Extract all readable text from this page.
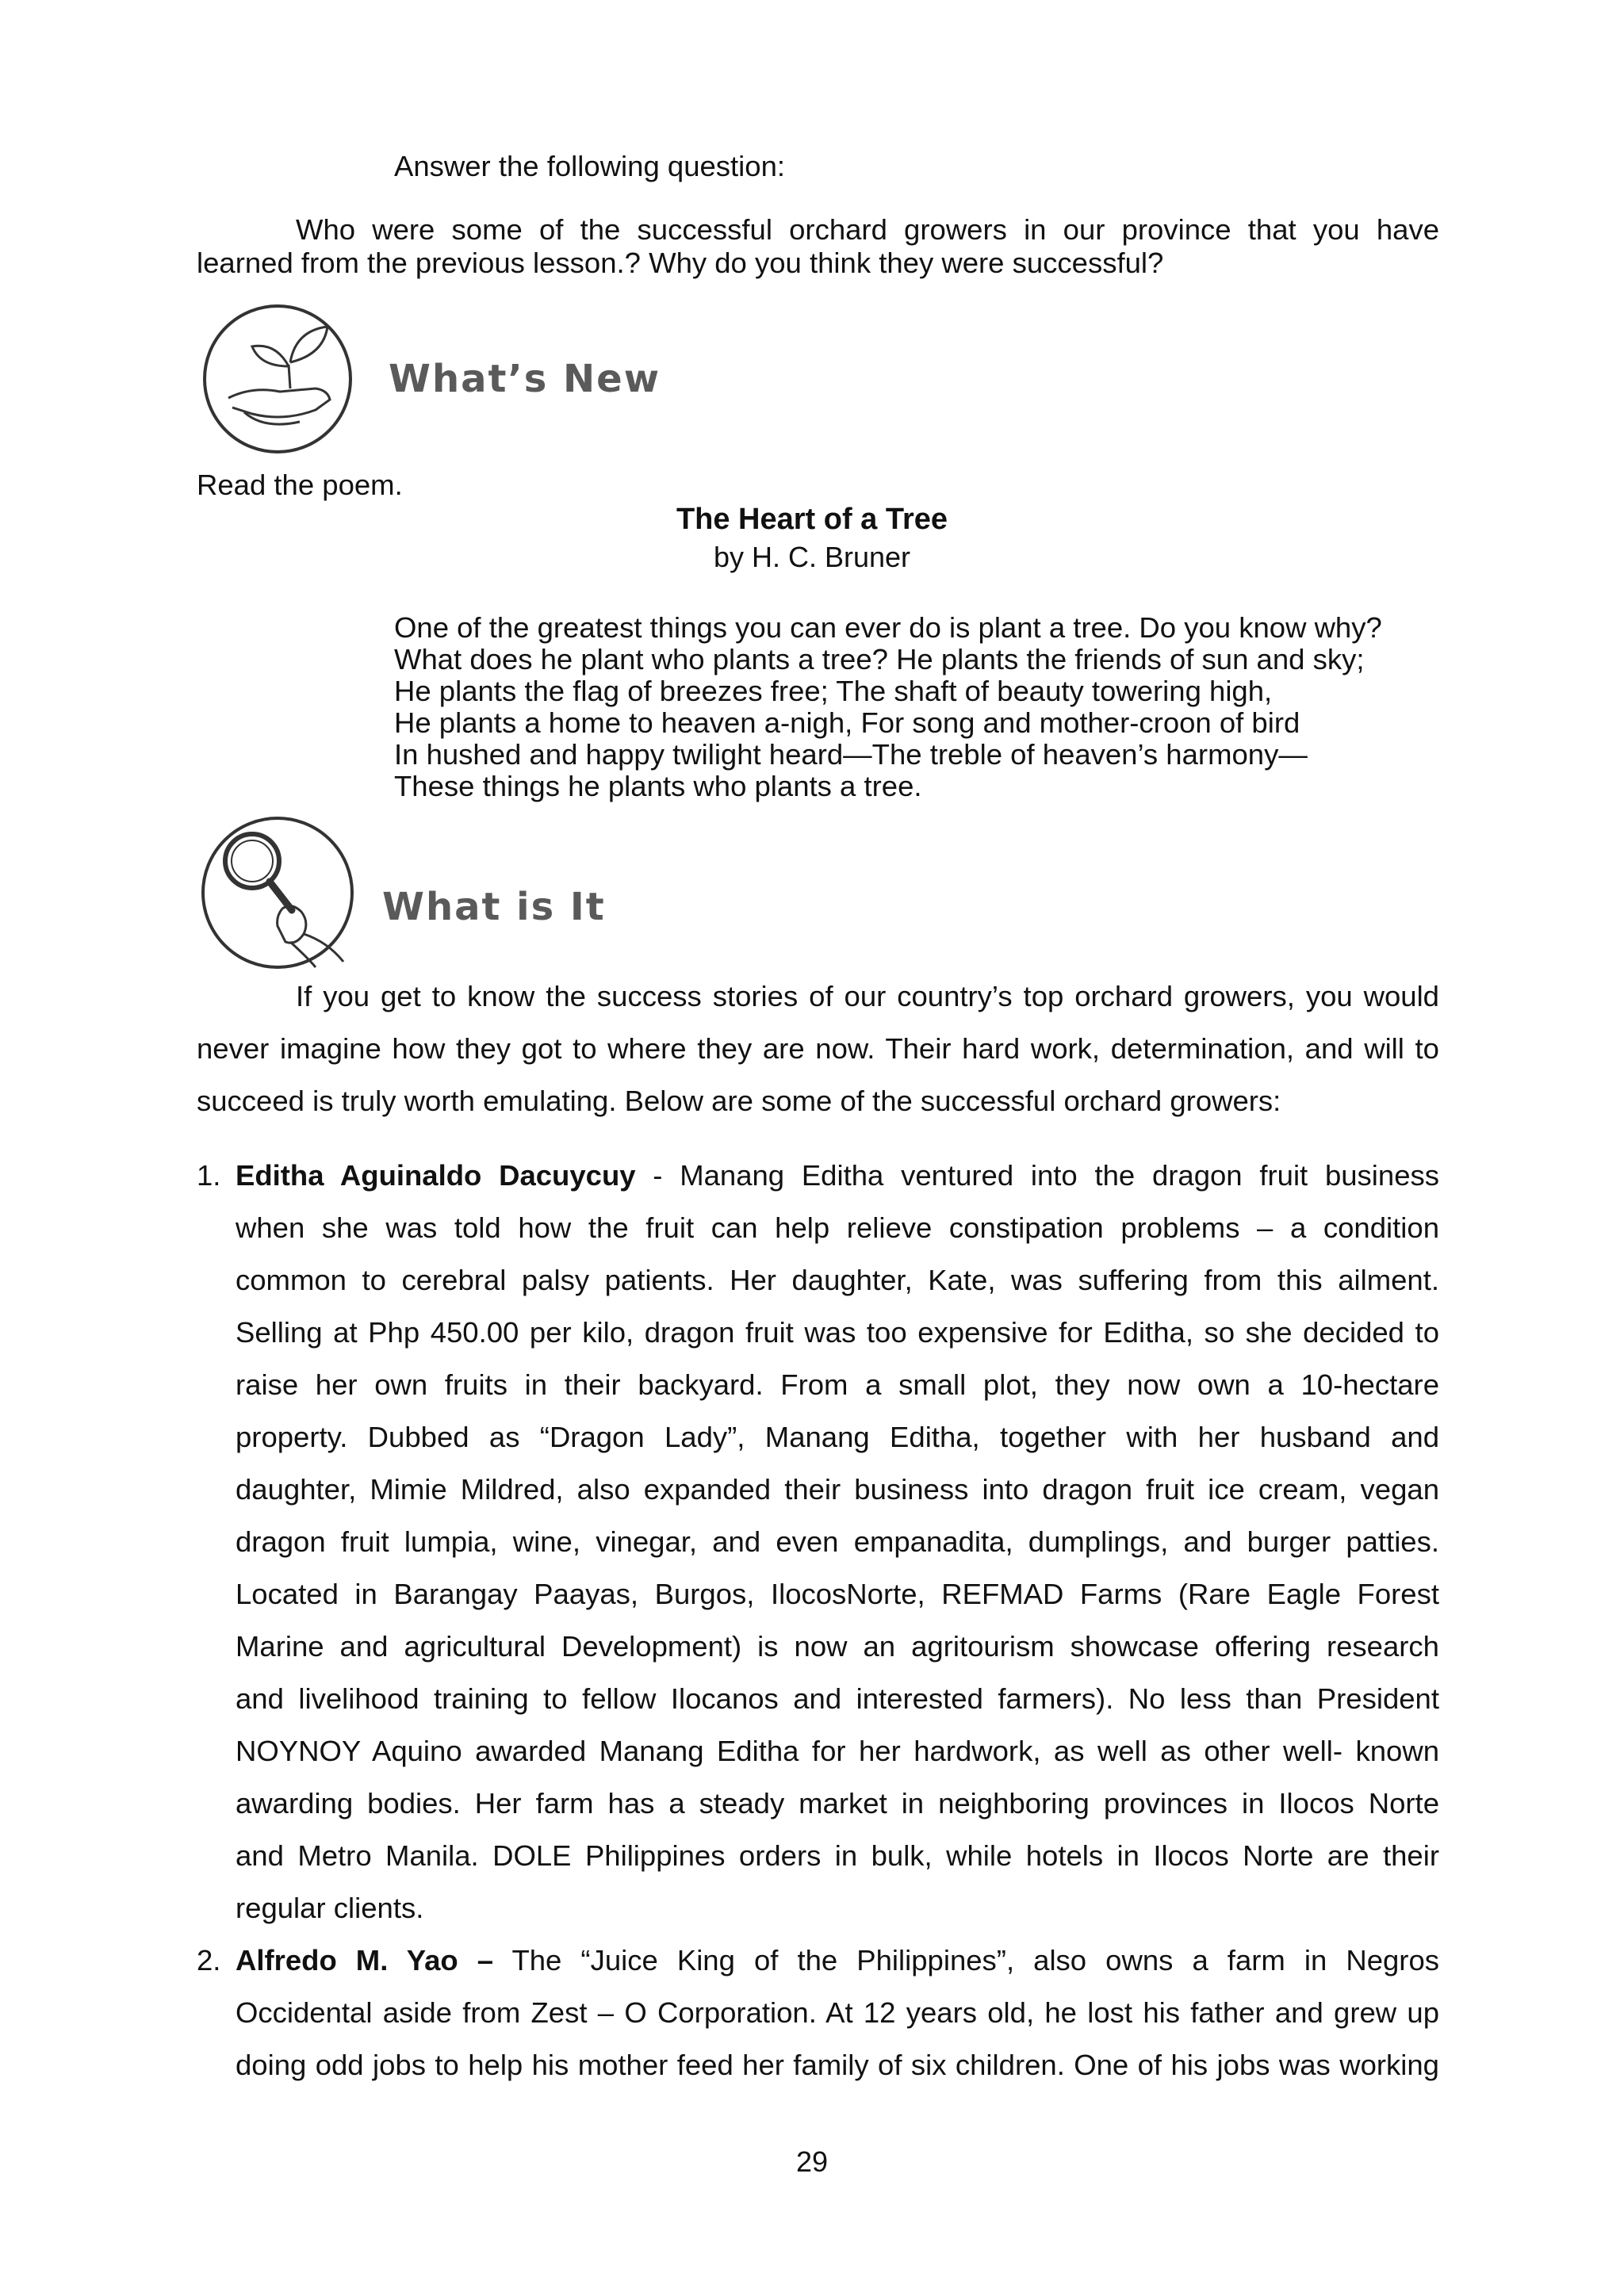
Answer the following question:
Who were some of the successful orchard growers in our province that you have
learned from the previous lesson.? Why do you think they were successful?
What’s New
Read the poem.
The Heart of a Tree
by H. C. Bruner
One of the greatest things you can ever do is plant a tree. Do you know why?
What does he plant who plants a tree? He plants the friends of sun and sky;
He plants the flag of breezes free; The shaft of beauty towering high,
He plants a home to heaven a-nigh, For song and mother-croon of bird
In hushed and happy twilight heard—The treble of heaven’s harmony—
These things he plants who plants a tree.
What is It
If you get to know the success stories of our country’s top orchard growers, you would
never imagine how they got to where they are now. Their hard work, determination, and will to
succeed is truly worth emulating. Below are some of the successful orchard growers:
1. Editha Aguinaldo Dacuycuy - Manang Editha ventured into the dragon fruit business
when she was told how the fruit can help relieve constipation problems – a condition
common to cerebral palsy patients. Her daughter, Kate, was suffering from this ailment.
Selling at Php 450.00 per kilo, dragon fruit was too expensive for Editha, so she decided to
raise her own fruits in their backyard. From a small plot, they now own a 10-hectare
property. Dubbed as “Dragon Lady”, Manang Editha, together with her husband and
daughter, Mimie Mildred, also expanded their business into dragon fruit ice cream, vegan
dragon fruit lumpia, wine, vinegar, and even empanadita, dumplings, and burger patties.
Located in Barangay Paayas, Burgos, IlocosNorte, REFMAD Farms (Rare Eagle Forest
Marine and agricultural Development) is now an agritourism showcase offering research
and livelihood training to fellow Ilocanos and interested farmers). No less than President
NOYNOY Aquino awarded Manang Editha for her hardwork, as well as other well- known
awarding bodies. Her farm has a steady market in neighboring provinces in Ilocos Norte
and Metro Manila. DOLE Philippines orders in bulk, while hotels in Ilocos Norte are their
regular clients.
2. Alfredo M. Yao – The “Juice King of the Philippines”, also owns a farm in Negros
Occidental aside from Zest – O Corporation. At 12 years old, he lost his father and grew up
doing odd jobs to help his mother feed her family of six children. One of his jobs was working
29
